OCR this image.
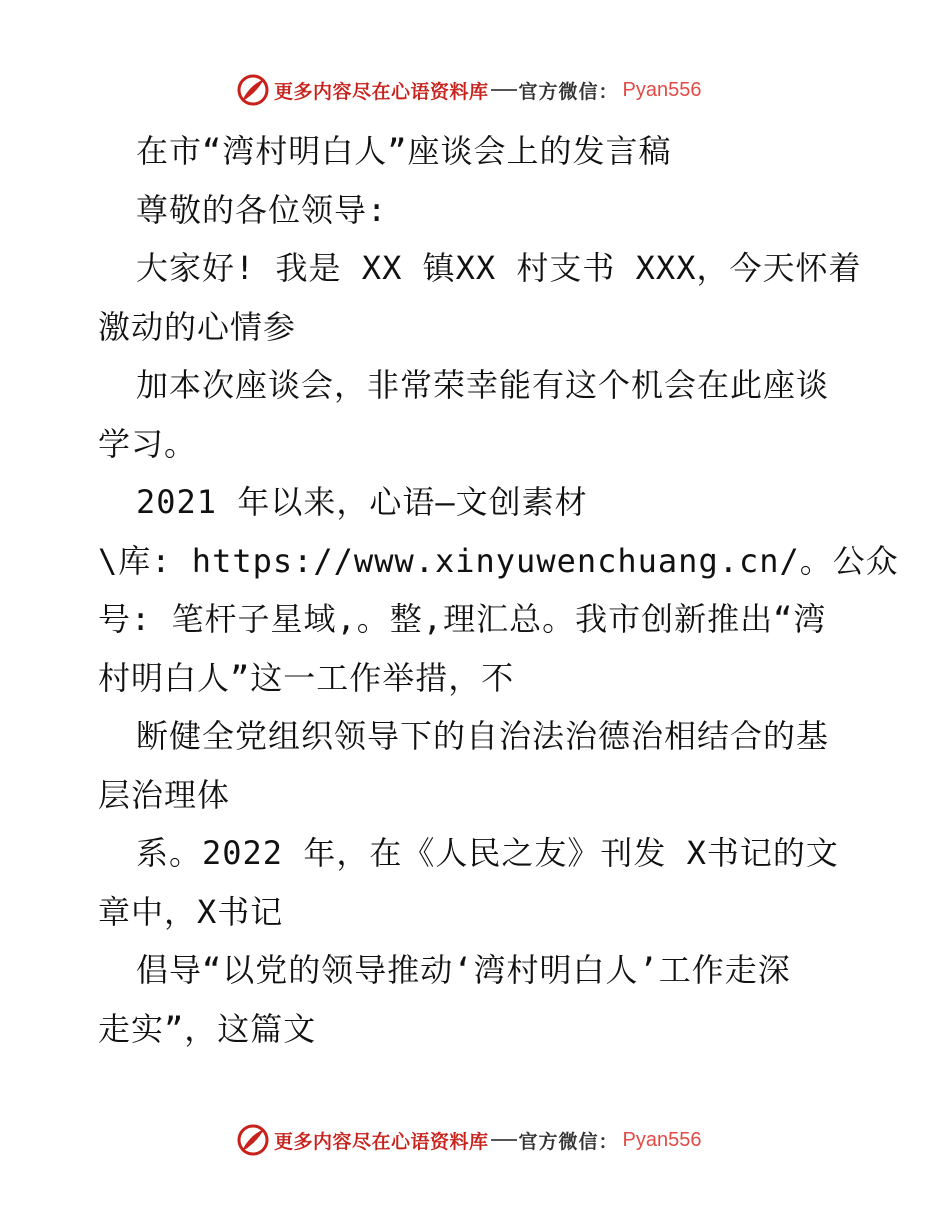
更多内容尽在心语资料库 官方微信： Pyan556
在市“湾村明白人”座谈会上的发言稿
尊敬的各位领导:
大家好! 我是 XX 镇XX 村支书 XXX，今天怀着
激动的心情参
加本次座谈会，非常荣幸能有这个机会在此座谈
学习。
2021 年以来，心语—文创素材
\库: https://www.xinyuwenchuang.cn/。公众
号: 笔杆子星域,。整,理汇总。我市创新推出“湾
村明白人”这一工作举措，不
断健全党组织领导下的自治法治德治相结合的基
层治理体
系。2022 年，在《人民之友》刊发 X书记的文
章中，X书记
倡导“以党的领导推动‘湾村明白人’工作走深
走实”，这篇文
更多内容尽在心语资料库 官方微信： Pyan556
